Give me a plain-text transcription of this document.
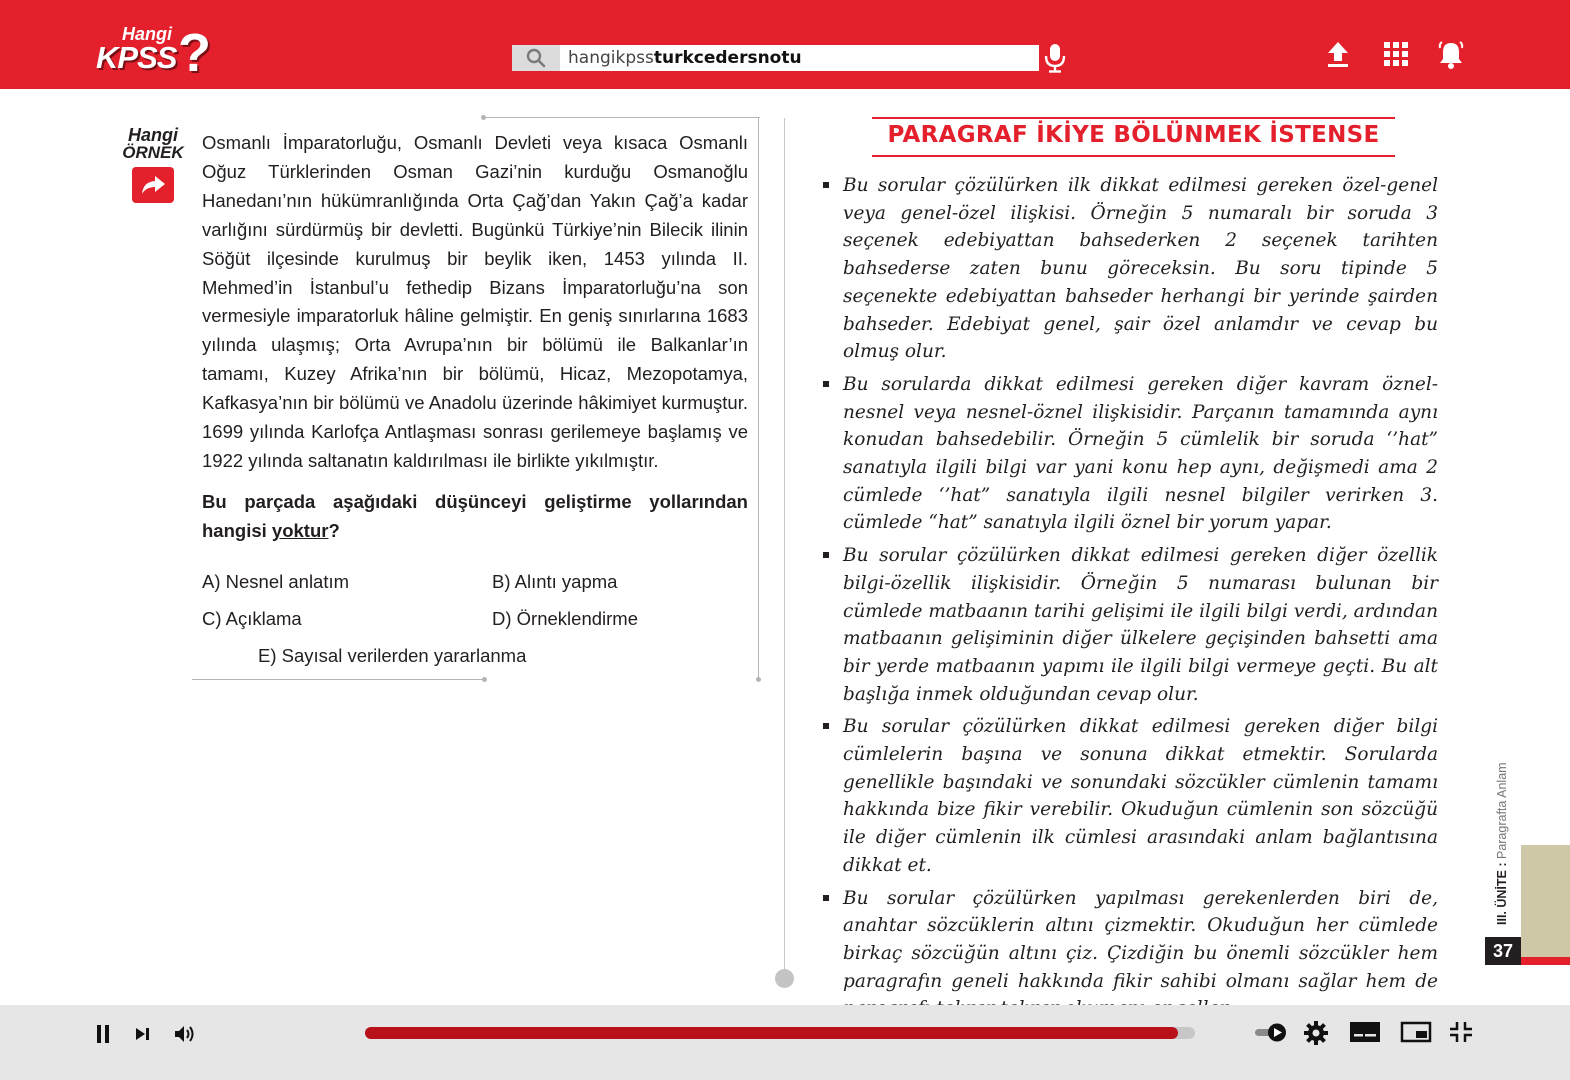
Hangi
KPSS ?	hangikpssturkcedersnotu
Hangi
ÖRNEK Osmanlı İmparatorluğu, Osmanlı Devleti veya kısaca Osmanlı Oğuz Türklerinden Osman Gazi’nin kurduğu Osmanoğlu Hanedanı’nın hükümranlığında Orta Çağ’dan Yakın Çağ’a kadar varlığını sürdürmüş bir devletti. Bugünkü Türkiye’nin Bilecik ilinin Söğüt ilçesinde kurulmuş bir beylik iken, 1453 yılında II. Mehmed’in İstanbul’u fethedip Bizans İmparatorluğu’na son vermesiyle imparatorluk hâline gelmiştir. En geniş sınırlarına 1683 yılında ulaşmış; Orta Avrupa’nın bir bölümü ile Balkanlar’ın tamamı, Kuzey Afrika’nın bir bölümü, Hicaz, Mezopotamya, Kafkasya’nın bir bölümü ve Anadolu üzerinde hâkimiyet kurmuştur. 1699 yılında Karlofça Antlaşması sonrası gerilemeye başlamış ve 1922 yılında saltanatın kaldırılması ile birlikte yıkılmıştır.

Bu parçada aşağıdaki düşünceyi geliştirme yollarından hangisi yoktur?

A) Nesnel anlatım	B) Alıntı yapma
C) Açıklama	D) Örneklendirme
E) Sayısal verilerden yararlanma
PARAGRAF İKİYE BÖLÜNMEK İSTENSE
Bu sorular çözülürken ilk dikkat edilmesi gereken özel-genel veya genel-özel ilişkisi. Örneğin 5 numaralı bir soruda 3 seçenek edebiyattan bahsederken 2 seçenek tarihten bahsederse zaten bunu göreceksin. Bu soru tipinde 5 seçenekte edebiyattan bahseder herhangi bir yerinde şairden bahseder. Edebiyat genel, şair özel anlamdır ve cevap bu olmuş olur.
Bu sorularda dikkat edilmesi gereken diğer kavram öznel-nesnel veya nesnel-öznel ilişkisidir. Parçanın tamamında aynı konudan bahsedebilir. Örneğin 5 cümlelik bir soruda ‘’hat” sanatıyla ilgili bilgi var yani konu hep aynı, değişmedi ama 2 cümlede ‘’hat” sanatıyla ilgili nesnel bilgiler verirken 3. cümlede “hat” sanatıyla ilgili öznel bir yorum yapar.
Bu sorular çözülürken dikkat edilmesi gereken diğer özellik bilgi-özellik ilişkisidir. Örneğin 5 numarası bulunan bir cümlede matbaanın tarihi gelişimi ile ilgili bilgi verdi, ardından matbaanın gelişiminin diğer ülkelere geçişinden bahsetti ama bir yerde matbaanın yapımı ile ilgili bilgi vermeye geçti. Bu alt başlığa inmek olduğundan cevap olur.
Bu sorular çözülürken dikkat edilmesi gereken diğer bilgi cümlelerin başına ve sonuna dikkat etmektir. Sorularda genellikle başındaki ve sonundaki sözcükler cümlenin tamamı hakkında bize fikir verebilir. Okuduğun cümlenin son sözcüğü ile diğer cümlenin ilk cümlesi arasındaki anlam bağlantısına dikkat et.
Bu sorular çözülürken yapılması gerekenlerden biri de, anahtar sözcüklerin altını çizmektir. Okuduğun her cümlede birkaç sözcüğün altını çiz. Çizdiğin bu önemli sözcükler hem paragrafın geneli hakkında fikir sahibi olmanı sağlar hem de
III. ÜNİTE : Paragrafta Anlam
37
